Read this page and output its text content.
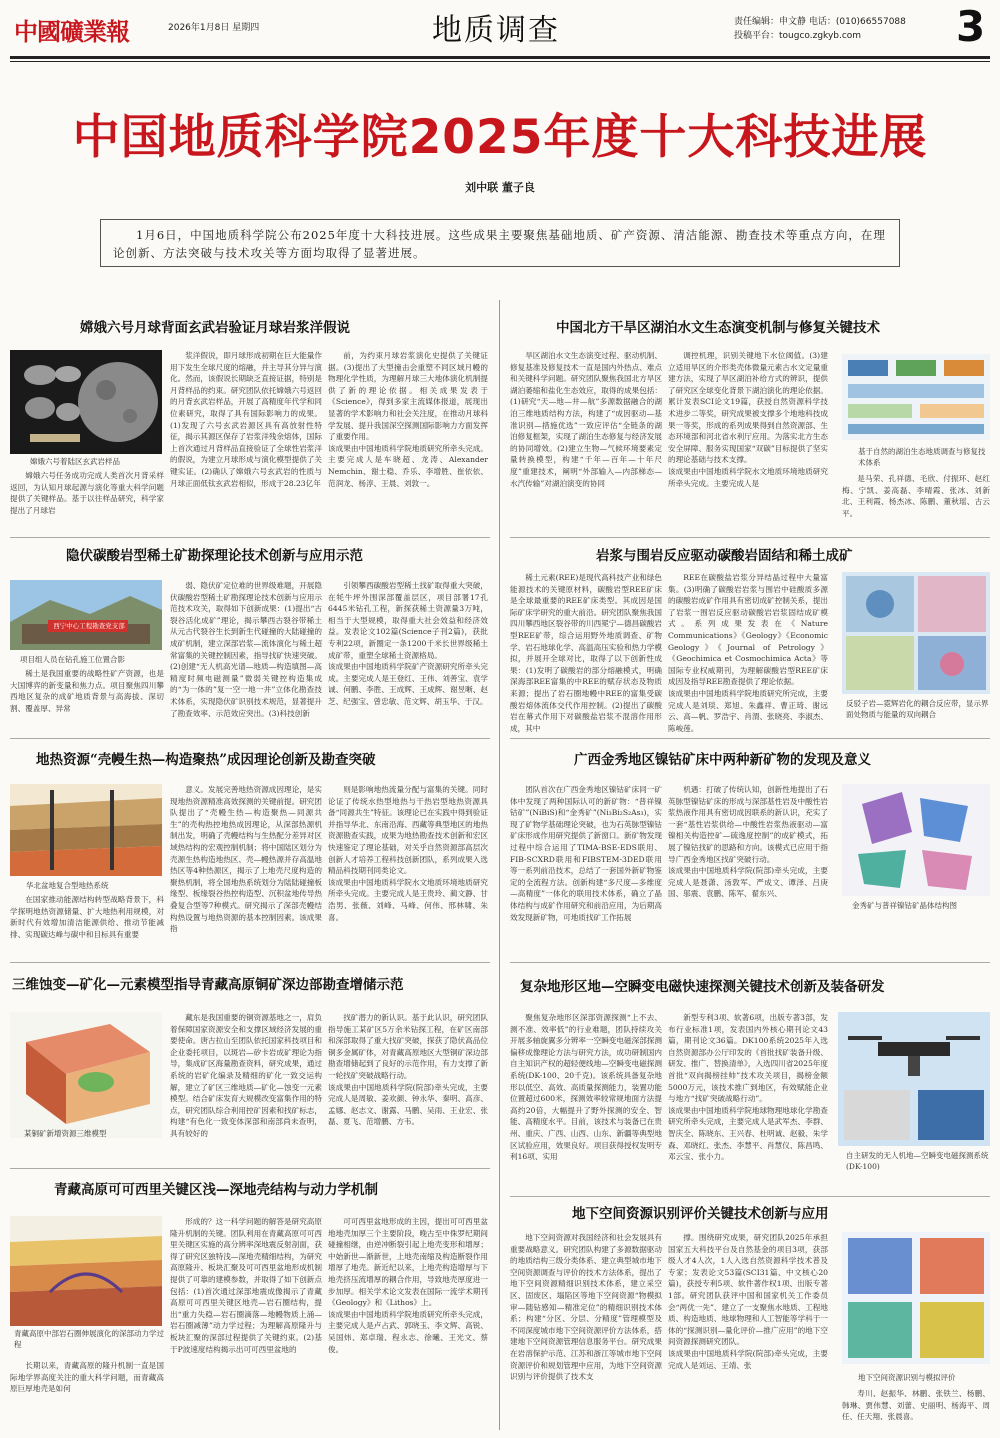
中國礦業報	2026年1月8日 星期四	地质调查	责任编辑：申文静 电话：(010)66557088
投稿平台：tougco.zgkyb.com	3
中国地质科学院2025年度十大科技进展
刘中联 董子良
1月6日，中国地质科学院公布2025年度十大科技进展。这些成果主要聚焦基础地质、矿产资源、清洁能源、勘查技术等重点方向，在理论创新、方法突破与技术攻关等方面均取得了显著进展。
嫦娥六号月球背面玄武岩验证月球岩浆洋假说
嫦娥六号着陆区玄武岩样品

嫦娥六号任务成功完成人类首次月背采样返回，为认知月球起源与演化等重大科学问题提供了关键样品。基于以往样品研究，科学家提出了月球岩

浆洋假说，即月球形成初期在巨大能量作用下发生全球尺度的熔融，并主导其分异与演化。然而，该假说长期缺乏直接证据，特别是月背样品的约束。研究团队依托嫦娥六号返回的月背玄武岩样品，开展了高精度年代学和同位素研究，取得了具有国际影响力的成果。(1)发现了六号玄武岩源区具有高放射性特征，揭示其源区保存了岩浆洋残余熔体，国际上首次通过月背样品直接验证了全球性岩浆洋的假说，为建立月球形成与演化模型提供了关键实证。(2)确认了嫦娥六号玄武岩的性质与月球正面低钛玄武岩相似，形成于28.23亿年

前，为约束月球岩浆演化史提供了关键证据。(3)提出了大型撞击会重塑不同区域月幔的物理化学性质，为理解月球三大地体演化机制提供了新的理论依据。相关成果发表于《Science》，得到多家主流媒体报道，展现出显著的学术影响力和社会关注度，在推动月球科学发展、提升我国深空探测国际影响力方面发挥了重要作用。
该成果由中国地质科学院地质研究所牵头完成。主要完成人是车晓超、龙涛、Alexander Nemchin、谢士稳、乔乐、李增胜、崔依依、范润龙、杨淳、王晨、刘敦一。

中国北方干旱区湖泊水文生态演变机制与修复关键技术

旱区湖泊水文生态演变过程、驱动机制、修复基准及修复技术一直是国内外热点、难点和关键科学问题。研究团队聚焦我国北方旱区湖泊萎缩和盐化生态效应，取得的成果包括：(1)研究“天—地—井—航”多源数据融合的湖泊三维地质结构方法，构建了“成因驱动—基准识别—措施优选”一致应评估“全链条的湖泊修复框架，实现了湖泊生态修复与经济发展的协同增效。(2)建立生物—气候环境要素定量转换模型，构建“千年—百年—十年尺度”重建技术，阐明“外部输入—内部梯态—水汽传输”对湖泊演变的协同

调控机理，识别关键地下水位阈值。(3)建立适用旱区的介形类壳体微量元素古水文定量重建方法，实现了旱区湖泊补给方式的辨识，提供了研究区全球变化背景下湖泊演化的理论依据。累计发表SCI论文19篇，获授自然资源科学技术进步二等奖，研究成果被支撑多个地地科技成果一等奖，形成的系列成果得到自然资源部、生态环境部和河北省水利厅应用。为落实北方生态安全屏障、服务实现国家“双碳”目标提供了坚实的理论基础与技术支撑。
该成果由中国地质科学院水文地质环境地质研究所牵头完成。主要完成人是

基于自然的湖泊生态地质调查与修复技术体系

是马荣、孔祥德、毛欣、付振环、赵红梅、宁凯、姜高磊、李晴霞、张冰、刘新北、王利霞、杨杰冰、陈鹏、董秋瑶、古云平。

隐伏碳酸岩型稀土矿勘探理论技术创新与应用示范
西宁中心工程勘查党支部
项目组人员在钻孔施工位置合影

稀土是我国重要的战略性矿产资源，也是大国博弈的新变量和焦力点。项目聚焦四川攀西地区复杂的成矿地质背景与高海拔、深切割、覆盖厚、异常

弱、隐伏矿定位难的世界级难题，开展隐伏碳酸岩型稀土矿勘探理论技术创新与应用示范技术攻关，取得如下创新成果：(1)提出“古裂谷活化成矿”理论，揭示攀西古裂谷带稀土从元古代裂谷生长到新生代碰撞的大陆碰撞的成矿机制，建立深部岩浆—流体演化与稀土超常富集的关键控制因素，指导找矿快速突破。(2)创建“无人机高光谱—地质—构造填图—高精度时频电磁测量”微弱关键控构造集成的“为一体的”复一空一地一井”立体化勘查技术体系，实现隐伏矿识别技术规范，显著提升了勘查效率、示范效应突出。(3)科技创新

引领攀西碳酸岩型稀土找矿取得重大突破，在牦牛坪外围深部覆盖层区，项目部署17孔6445米钻孔工程，新探获稀土资源量3万吨，相当于大型规模，取得重大社会效益和经济效益。发表论文102篇(Science子刊2篇)，获批专利22项，新圈定一条1200千米长世界级稀土成矿带，重塑全球稀土资源格局。
该成果由中国地质科学院矿产资源研究所牵头完成。主要完成人是王登红、王伟、刘善宝、袁学诚、何鹏、李胜、王成辉、王成辉、谢昱晰、赵芝、纪强宝、曾忠敏、范文辉、胡玉华、于汉。

岩浆与围岩反应驱动碳酸岩固结和稀土成矿

稀土元素(REE)是现代高科技产业和绿色能源技术的关键原材料，碳酸岩型REE矿床是全球最重要的REE矿床类型。其成因是国际矿床学研究的重大前沿。研究团队聚焦我国四川攀西地区裂谷带的川西冕宁—德昌碳酸岩型REE矿带，综合运用野外地质调查、矿物学、岩石地球化学、高温高压实验和热力学模拟，并展开全球对比，取得了以下创新性成果：(1)发明了碳酸岩的部分熔融模式，明确深海部REE富集的中REE的赋存状态及物质来源；提出了岩石圈地幔中REE的富集受碳酸岩熔体流体交代作用控制。(2)提出了碳酸岩在幕式作用下对碳酸盐岩浆不混溶作用形成，其中

REE在碳酸盐岩浆分异结晶过程中大量富集。(3)明确了碳酸岩岩浆与围岩中硅酸质多源的碳酸岩成矿作用具有密切成矿控制关系，提出了岩浆一围岩反应驱动碳酸岩岩浆固结成矿模式。系列成果发表在《Nature Communications》《Geology》《Economic Geology》《Journal of Petrology》《Geochimica et Cosmochimica Acta》等国际专业权威期刊，为理解碳酸岩型REE矿床成因及指导REE勘查提供了理论依据。
该成果由中国地质科学院地质研究所完成，主要完成人是刘琰、郑旭、朱鑫祥、曹正琦、谢远云、高—帆、罗浩宇、肖渭、张晓亮、李淑杰、陈峻莲。

反驳子岩—霓辉岩化的耦合反应带，显示界面处物质与能量的双向耦合
地热资源“壳幔生热—构造聚热”成因理论创新及勘查突破
华北盆地复合型地热系统

在国家推动能源结构转型战略背景下，科学探明地热资源储量、扩大地热利用规模，对新时代有效增加清洁能源供给、推动节能减排、实现碳达峰与碳中和目标具有重要

意义。发展完善地热资源成因理论，是实现地热资源精准高效探测的关键前提。研究团队提出了“壳幔生热—构造聚热—同源共生”的壳构热控地热成因理论，从深部热源机制出发，明确了壳幔结构与生热配分差异对区域热结构的宏观控制机制；将中国陆区划分为壳源生热构造地热区、壳—幔热源并存高温地热区等4种热源区，揭示了上地壳尺度构造的聚热机制，将全国地热系统划分为陆陆碰撞板缘型、板缘裂谷热控构造型、沉积盆地传导热叠复合型等7种模式。研究揭示了深部壳幔结构热设置与地热资源的基本控制因素。该成果指

则是影响地热流量分配与富集的关键。同时论证了传统水热型地热与干热岩型地热资源具备“同源共生”特征。该理论已在实践中得到验证并指导华北、东南沿海、西藏等典型地区的地热资源勘查实践，成果为地热勘查技术创新和宏区快速鉴定了理论基础，对关乎自然资源部高层次创新人才培养工程科技创新团队，系列成果入选精品科技期刊同类论文。
该成果由中国地质科学院水文地质环境地质研究所牵头完成。主要完成人是王贵玲、蔺文静、甘浩男、张薇、刘峰、马峰、何伟、邢林啸、朱喜。

广西金秀地区镍钴矿床中两种新矿物的发现及意义

团队首次在广西金秀地区镍钴矿床同一矿体中发现了两种国际认可的新矿物：“普祥镍钴矿”(NiBiS)和“金秀矿”(Ni₃Bi₂S₂As₃)，实现了矿物学基础理论突破，也为石英脉型镍钴矿床形成作用研究提供了新窗口。新矿物发现过程中综合运用了TIMA-BSE-EDS联用、FIB-SCXRD联用和FIBSTEM-3DED联用等一系列前沿技术，总结了一套国外新矿物鉴定的全流程方法。创新构建“多尺度—多维度—高精度”一体化的联用技术体系，确立了晶体结构与成矿作用研究和前沿应用，为后期高效发现新矿物，可地质找矿工作拓展

机遇：打破了传统认知，创新性地提出了石英脉型镍钴矿床的形成与深部基性岩及中酸性岩浆热液作用具有密切成因联系的新认识，充实了一套“基性岩浆供给—中酸性岩浆热液驱动—富镍相关构造控矿—硫逸度控制”的成矿模式，拓展了镍钴找矿的思路和方向。该模式已应用于指导广西金秀地区找矿突破行动。
该成果由中国地质科学院(院部)牵头完成，主要完成人是聂潇、汤敦军、严成文、谭泽、吕庚国、邬震、袁鹏、陈军、翟东兴、

金秀矿与普祥镍钴矿晶体结构图
三维蚀变—矿化—元素模型指导青藏高原铜矿深边部勘查增储示范
某铜矿新增资源三维模型

藏东是我国重要的铜资源基地之一，肩负着保障国家资源安全和支撑区域经济发展的重要使命。唐古拉山至团队依托国家科技项目和企业委托项目，以斑岩—矽卡岩成矿理论为指导，集成矿区海量勘查资料，研究成果，通过系统的岩矿化编录及精细的矿化一致交运构解，建立了矿区三维地质—矿化—蚀变一元素模型。结合矿床发育大规模改变富集作用的特点，研究团队综合利用控矿因素和找矿标志，构建“有色化一致变体深部和南部尚未查明，具有较好的

找矿潜力的新认识。基于此认识，研究团队指导施工某矿区5万余米钻探工程，在矿区南部和深部取得了重大找矿突破，探获了隐伏高品位铜多金属矿体，对青藏高原地区大型铜矿深边部勘查增储起到了良好的示范作用，有力支撑了新一轮找矿突破战略行动。
该成果由中国地质科学院(院部)牵头完成，主要完成人是周敏、姜欢颜、钟永华、秦明、高彦、孟娜、赵志文、谢露、马鹏、吴雨、王业宏、张磊、夏飞、范增鹏、方韦。

复杂地形区地—空瞬变电磁快速探测关键技术创新及装备研发

聚焦复杂地形区深部资源探测“上不去、测不准、效率低”的行业难题，团队持续攻关开展多轴旋翼多分辨率一空瞬变电磁深部探测偏移成像理论方法与研究方法，成功研制国内自主知识产权的超轻便线地—空瞬变电磁探测系统(DK-100、20千克)。该系统具备复杂地形以低空、高效、高质量探测能力，装置功能位置超过600米，探测效率较常规地面方法提高约20倍，大幅提升了野外探测的安全、智能、高精度水平。目前，该技术与装备已在贵州、重庆、广西、山西、山东、新疆等典型地区试验应用，效果良好。项目获得授权发明专利16项、实用

新型专利3项、软著6项，出版专著3部，发布行业标准1项，发表国内外核心期刊论文43篇，期刊论文36篇。DK100系统2025年入选自然资源部办公厅印发的《首批找矿装备升级、研发、推广、替换清单》，入选四川省2025年度首批“双向揭榜挂帅”技术攻关项目，揭榜金额5000万元，该技术推广到地区，有效赋能企业与地方“找矿突破战略行动”。
该成果由中国地质科学院地球物理地球化学勘查研究所牵头完成，主要完成人是武军杰、李群、智庆全、陈晓东、王兴春、杜明诚、赵毅、朱学森、邓晓红、张杰、李慧平、肖慧仪、陈昌鸣、邓云宝、张小力。	自主研发的无人机地—空瞬变电磁探测系统(DK-100)
青藏高原可可西里关键区浅—深地壳结构与动力学机制
青藏高原中部岩石圈伸展演化的深部动力学过程

长期以来，青藏高原的隆升机制一直是国际地学界高度关注的重大科学问题，而青藏高原巨厚地壳是如何

形成的？这一科学问题的解答是研究高原隆升机制的关键。团队利用在青藏高原可可西里关键区实施的高分辨率深地震反射剖面，获得了研究区独特浅—深地壳精细结构，为研究高原隆升、板块汇聚及可可西里盆地形成机制提供了可靠的建模参数，并取得了如下创新点包括：(1)首次通过深部地震成像揭示了青藏高原可可西里关键区地壳—岩石圈结构，提出“重力失稳—岩石圈滴落—地幔物质上涌—岩石圈减薄”动力学过程；为理解高原隆升与板块汇聚的深部过程提供了关键约束。(2)基于P波速度结构揭示出可可西里盆地的

可可西里盆地形成的主因，提出可可西里盆地地壳加厚三个主要阶段，晚古至中侏罗纪期间碰撞相继，由逆冲断裂引起上地壳变形和增厚；中始新世—渐新世，上地壳南缩及构造断裂作用增厚了地壳。新近纪以来，上地壳构造增厚与下地壳挤压流增厚的耦合作用，导致地壳厚度进一步加厚。相关学术论文发表在国际一流学术期刊《Geology》和《Lithos》上。
该成果由中国地质科学院地质研究所牵头完成，主要完成人是卢占武、郭晓玉、李文辉、高锐、吴国炜、郑卓瑞、程永志、徐曦、王光文、蔡俊。

地下空间资源识别评价关键技术创新与应用

地下空间资源对我国经济和社会发展具有重要战略意义。研究团队构建了多源数据驱动的地质结构三级分类体系、建立典型城市地下空间资源调查与评价的技术方法体系，提出了地下空间资源精细识别技术体系，建立采空区、固废区、塌陷区等地下空间资源“物模拟审—随钻感知—精准定位”的精细识别技术体系；构建“分区、分层、分精度”管理模型及不同深度城市地下空间资源评价方法体系，搭建地下空间资源管理信息服务平台。研究成果在岩溶保护示范、江苏和浙江等城市地下空间资源评价和规划管理中应用，为地下空间资源识别与评价提供了技术支

撑。围绕研究成果，研究团队2025年承担国家五大科技平台及自然基金的项目3项，获部级人才4人次，1人入选自然资源科学技术普及专家；发表论文53篇(SCI31篇、中文核心20篇)，获授专利5项、软件著作权1项、出版专著1部。研究团队获评中国和国家机关工作委员会“两优一先”、建立了一支聚焦水地质、工程地质、构造地质、地球物理和人工智能等学科于一体的“探测识别—量化评价—推广应用”的地下空间资源探测研究团队。
该成果由中国地质科学院(院部)牵头完成，主要完成人是刘运、王靖、张

地下空间资源识别与模拟评价

寿川、赵振华、林鹏、张铁兰、杨鹏、韩琳、贾伟慧、刘蕾、史丽明、杨海平、周任、任天翔、张晨喜。
